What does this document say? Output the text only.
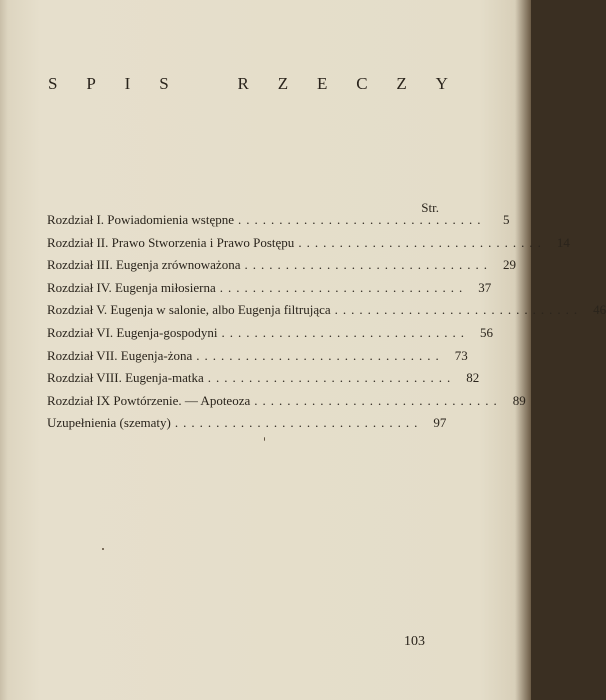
S P I S	R Z E C Z Y
Str.
Rozdział I. Powiadomienia wstępne ..............................	5
Rozdział II. Prawo Stworzenia i Prawo Postępu .............................. 14
Rozdział III. Eugenja zrównoważona .............................. 29
Rozdział IV. Eugenja miłosierna .............................. 37
Rozdział V. Eugenja w salonie, albo Eugenja filtrująca .............................. 46
Rozdział VI. Eugenja-gospodyni .............................. 56
Rozdział VII. Eugenja-żona .............................. 73
Rozdział VIII. Eugenja-matka .............................. 82
Rozdział IX Powtórzenie. — Apoteoza .............................. 89
Uzupełnienia (szematy) .............................. 97
103
